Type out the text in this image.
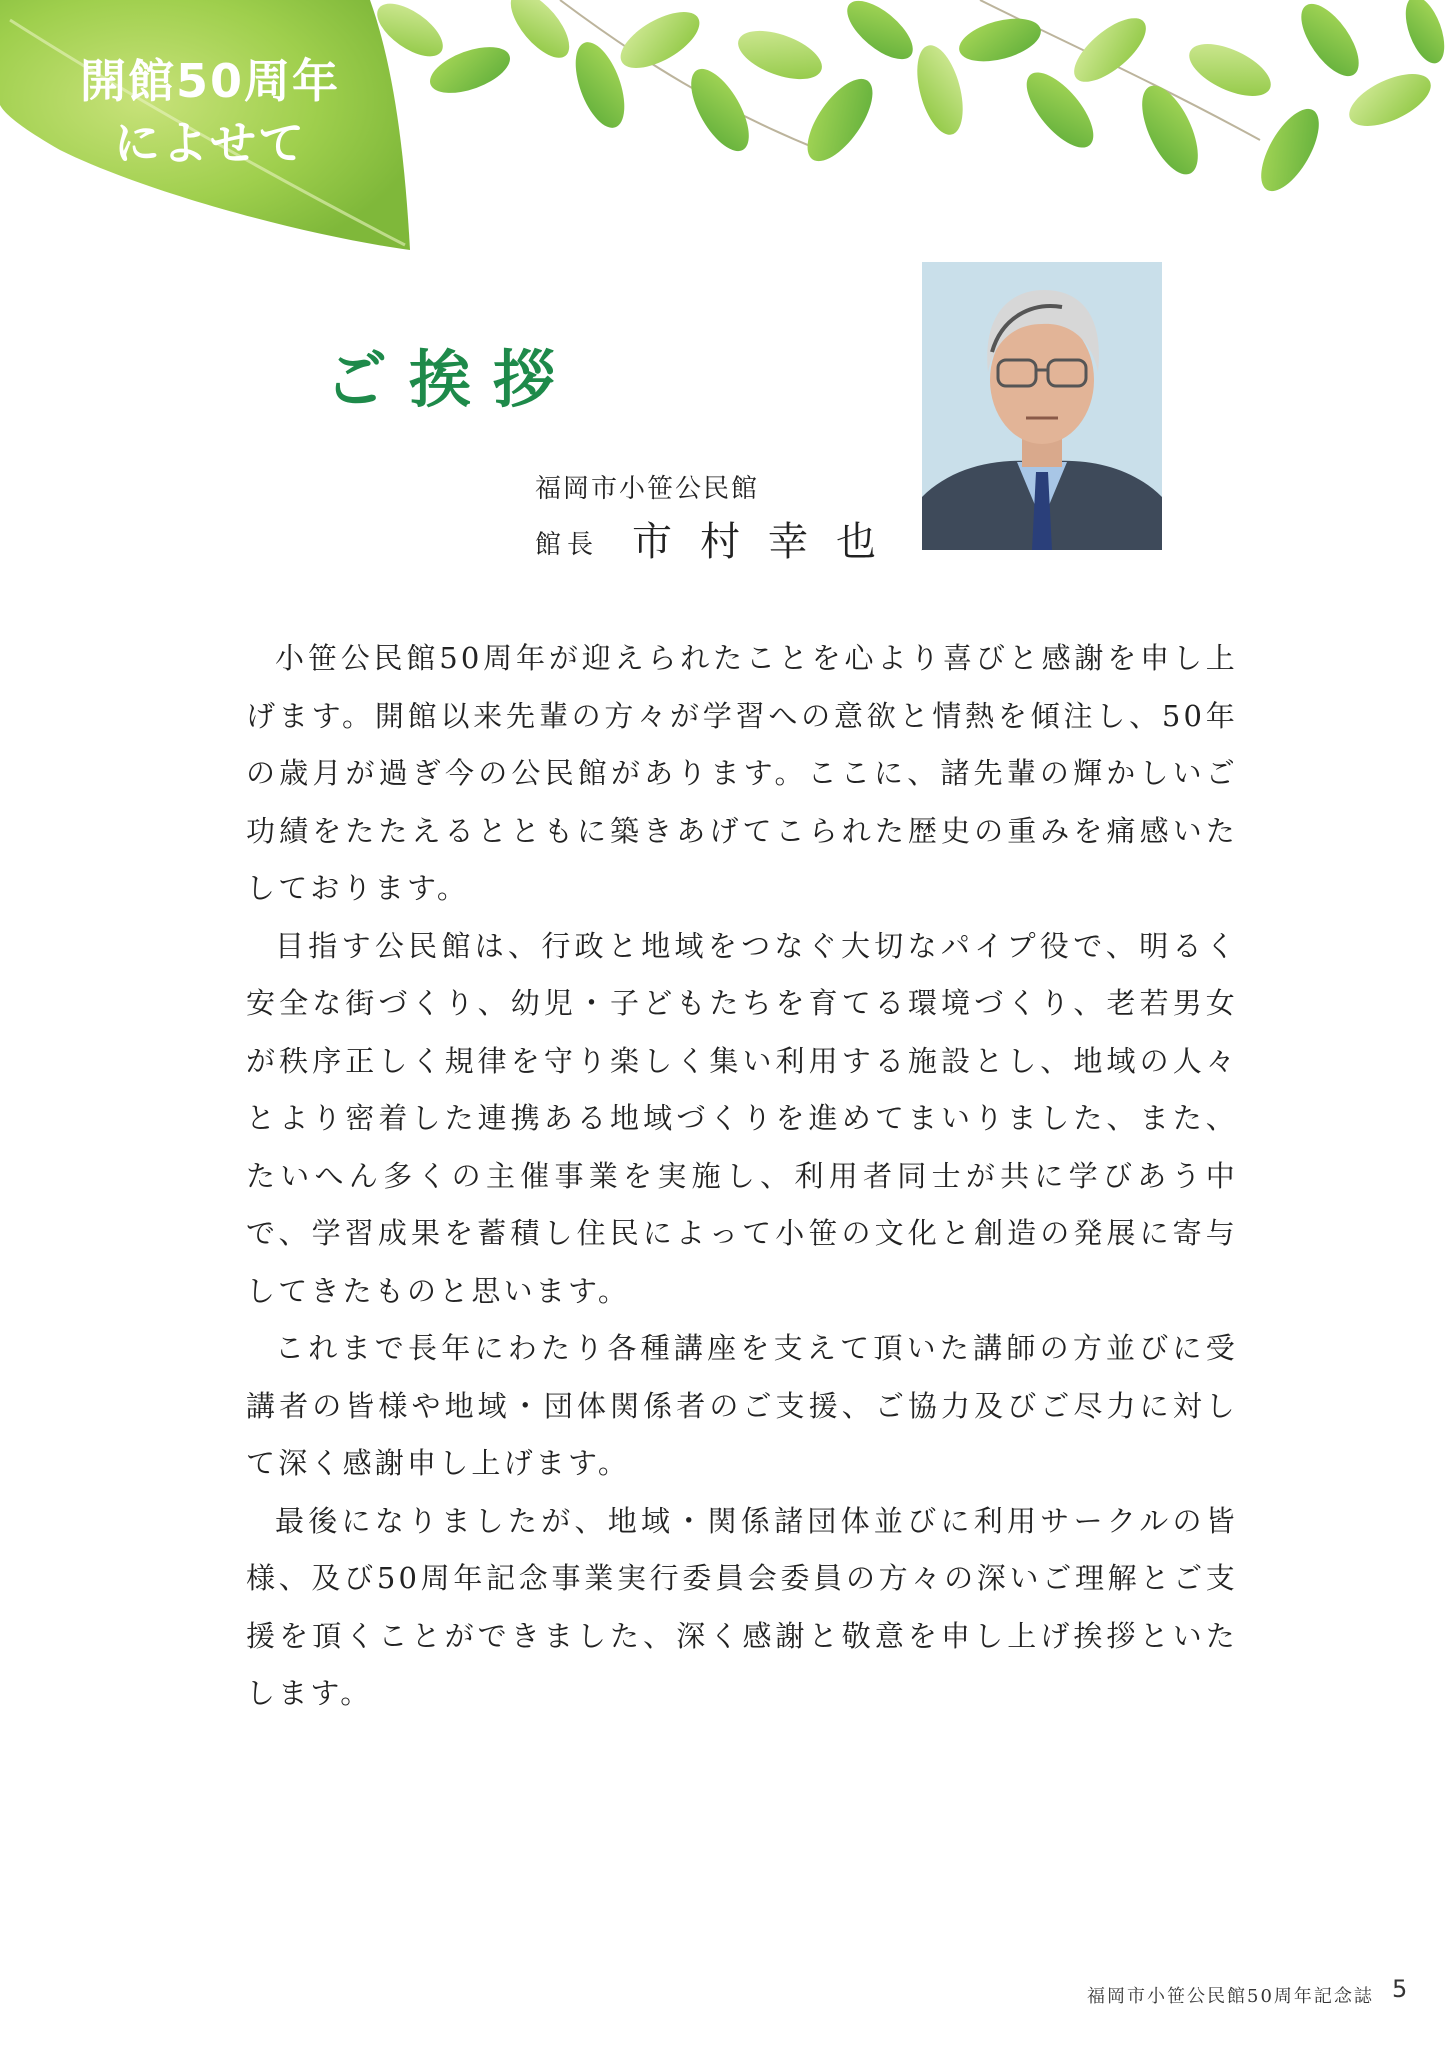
開館50周年
によせて
ご挨拶
福岡市小笹公民館
館長 市村幸也

小笹公民館50周年が迎えられたことを心より喜びと感謝を申し上げます。開館以来先輩の方々が学習への意欲と情熱を傾注し、50年の歳月が過ぎ今の公民館があります。ここに、諸先輩の輝かしいご功績をたたえるとともに築きあげてこられた歴史の重みを痛感いたしております。

目指す公民館は、行政と地域をつなぐ大切なパイプ役で、明るく安全な街づくり、幼児・子どもたちを育てる環境づくり、老若男女が秩序正しく規律を守り楽しく集い利用する施設とし、地域の人々とより密着した連携ある地域づくりを進めてまいりました、また、たいへん多くの主催事業を実施し、利用者同士が共に学びあう中で、学習成果を蓄積し住民によって小笹の文化と創造の発展に寄与してきたものと思います。

これまで長年にわたり各種講座を支えて頂いた講師の方並びに受講者の皆様や地域・団体関係者のご支援、ご協力及びご尽力に対して深く感謝申し上げます。

最後になりましたが、地域・関係諸団体並びに利用サークルの皆様、及び50周年記念事業実行委員会委員の方々の深いご理解とご支援を頂くことができました、深く感謝と敬意を申し上げ挨拶といたします。

福岡市小笹公民館50周年記念誌 5
